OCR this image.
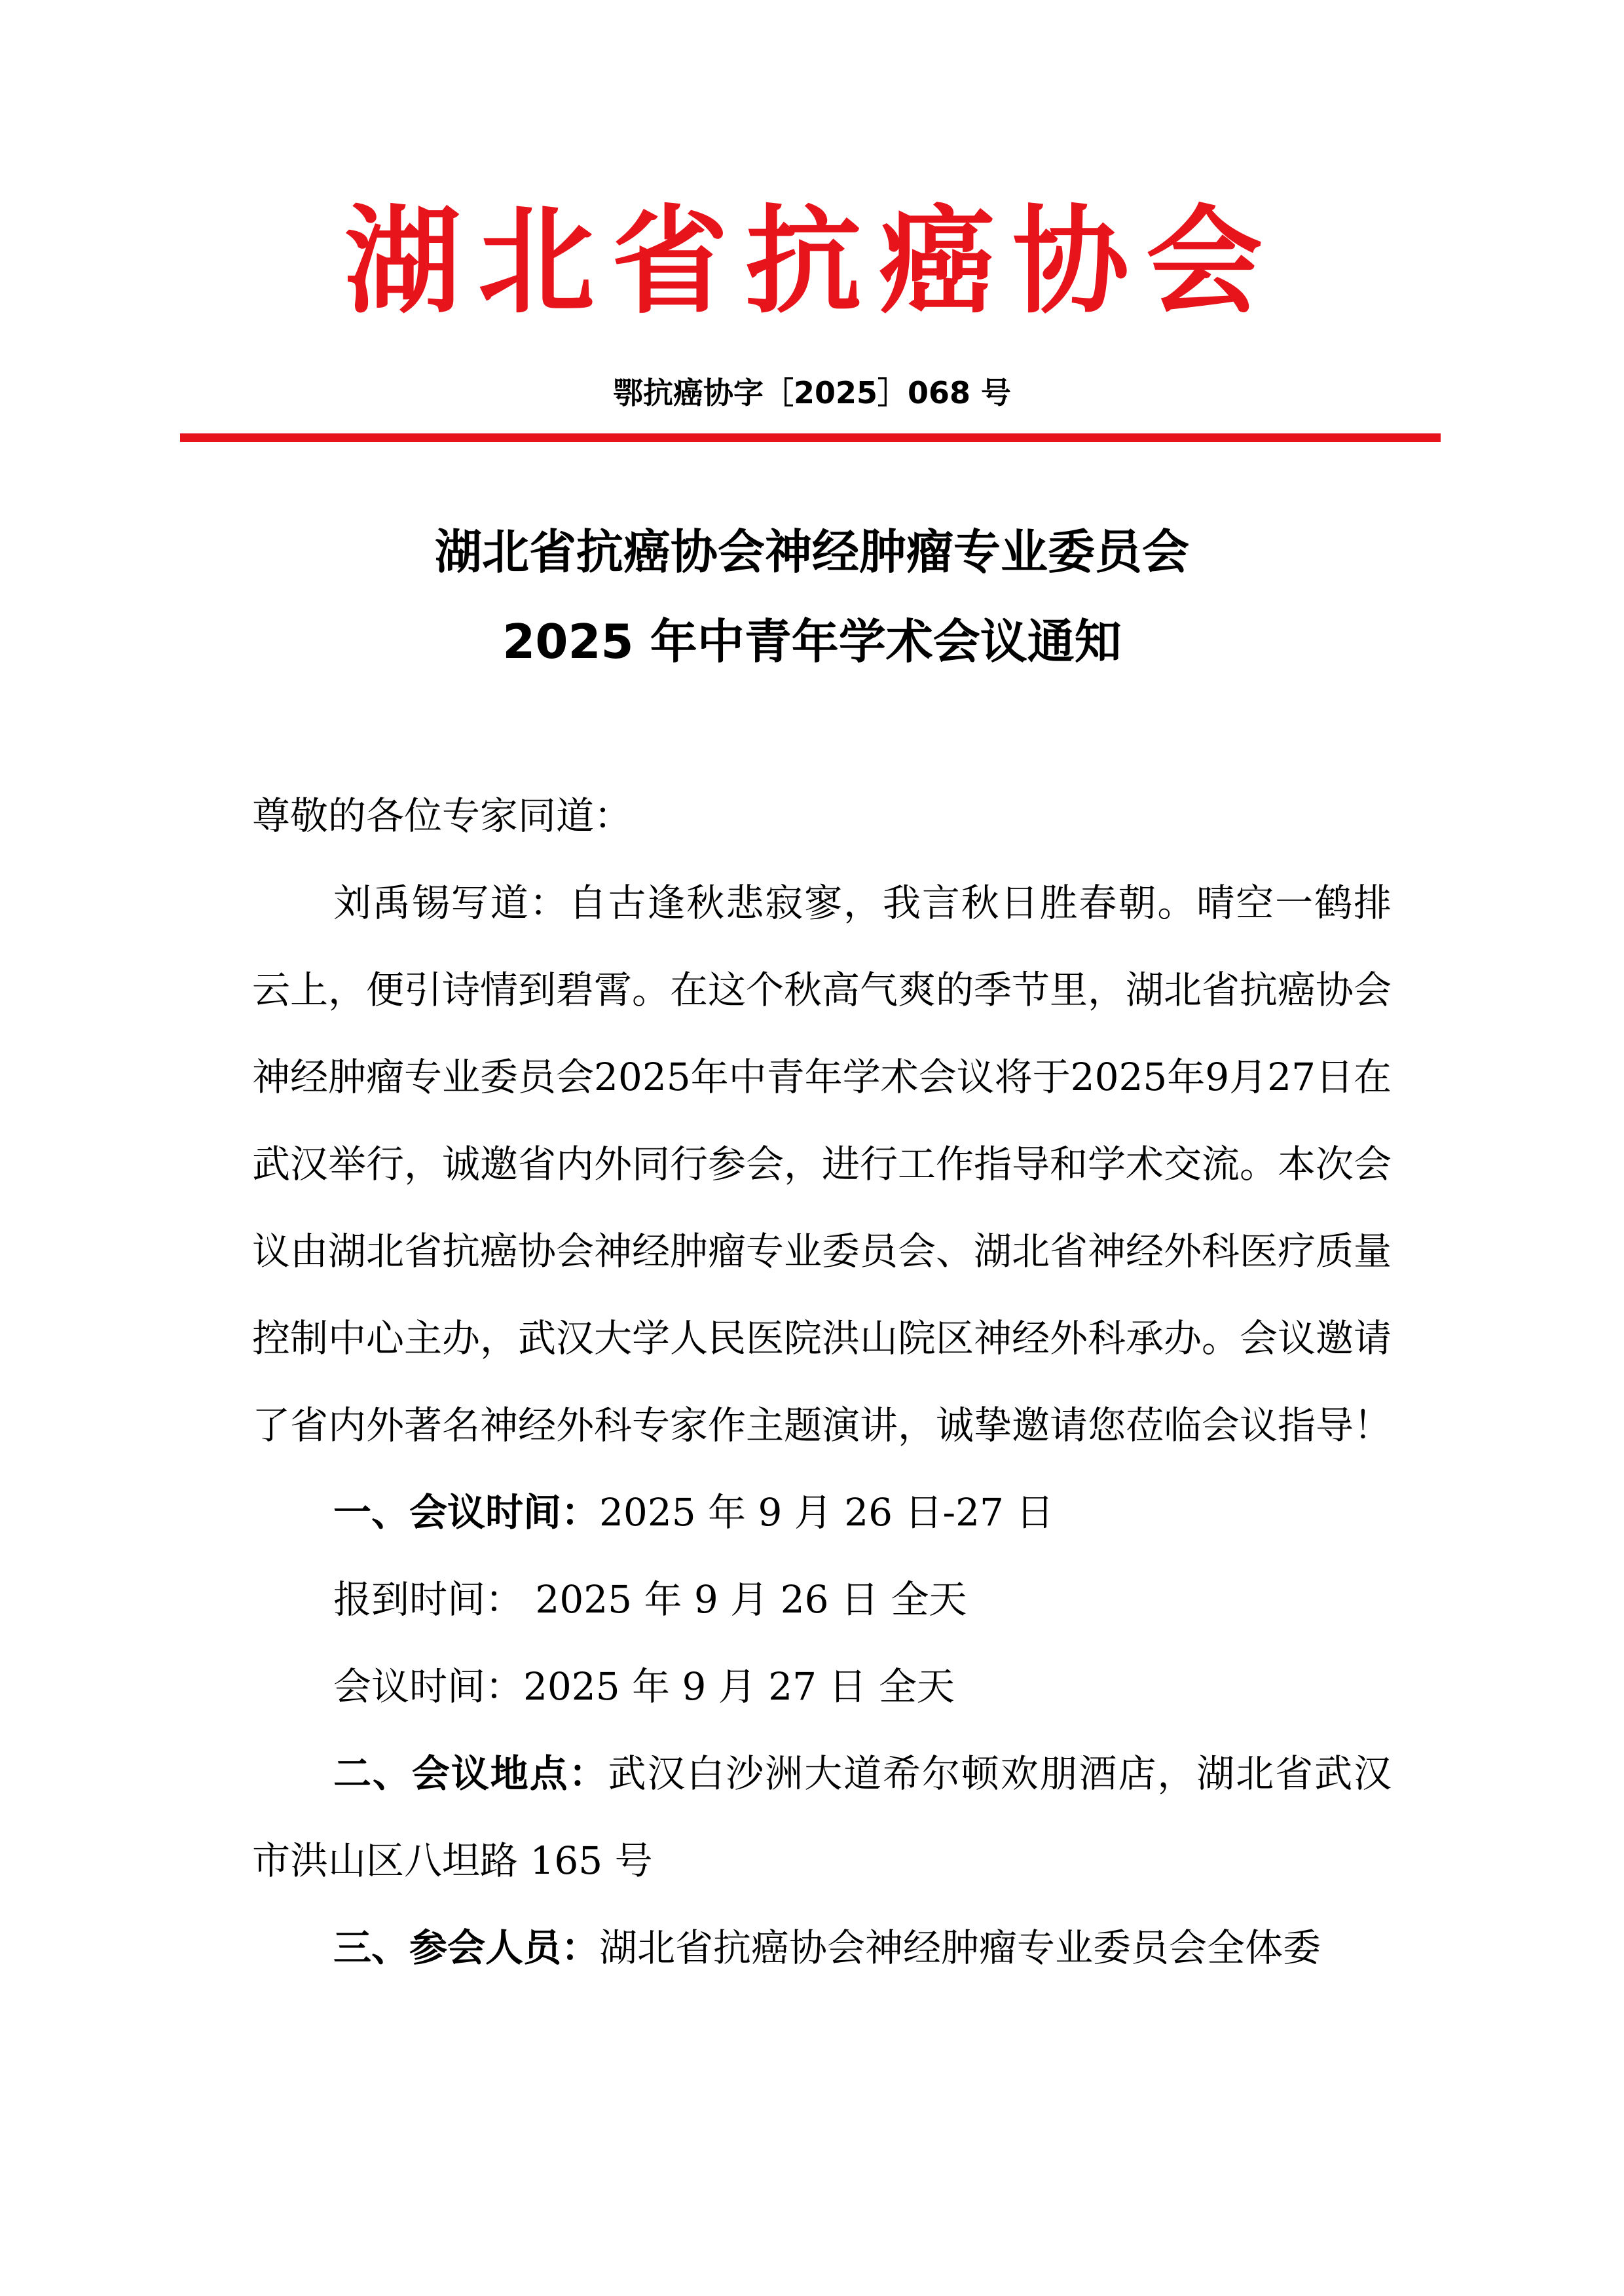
湖北省抗癌协会
鄂抗癌协字［2025］068 号
湖北省抗癌协会神经肿瘤专业委员会
2025 年中青年学术会议通知

尊敬的各位专家同道：

刘禹锡写道：自古逢秋悲寂寥，我言秋日胜春朝。晴空一鹤排云上，便引诗情到碧霄。在这个秋高气爽的季节里，湖北省抗癌协会神经肿瘤专业委员会2025年中青年学术会议将于2025年9月27日在武汉举行，诚邀省内外同行参会，进行工作指导和学术交流。本次会议由湖北省抗癌协会神经肿瘤专业委员会、湖北省神经外科医疗质量控制中心主办，武汉大学人民医院洪山院区神经外科承办。会议邀请了省内外著名神经外科专家作主题演讲，诚挚邀请您莅临会议指导！

一、会议时间：2025 年 9 月 26 日-27 日

报到时间： 2025 年 9 月 26 日 全天

会议时间：2025 年 9 月 27 日 全天

二、会议地点：武汉白沙洲大道希尔顿欢朋酒店，湖北省武汉市洪山区八坦路 165 号

三、参会人员：湖北省抗癌协会神经肿瘤专业委员会全体委
